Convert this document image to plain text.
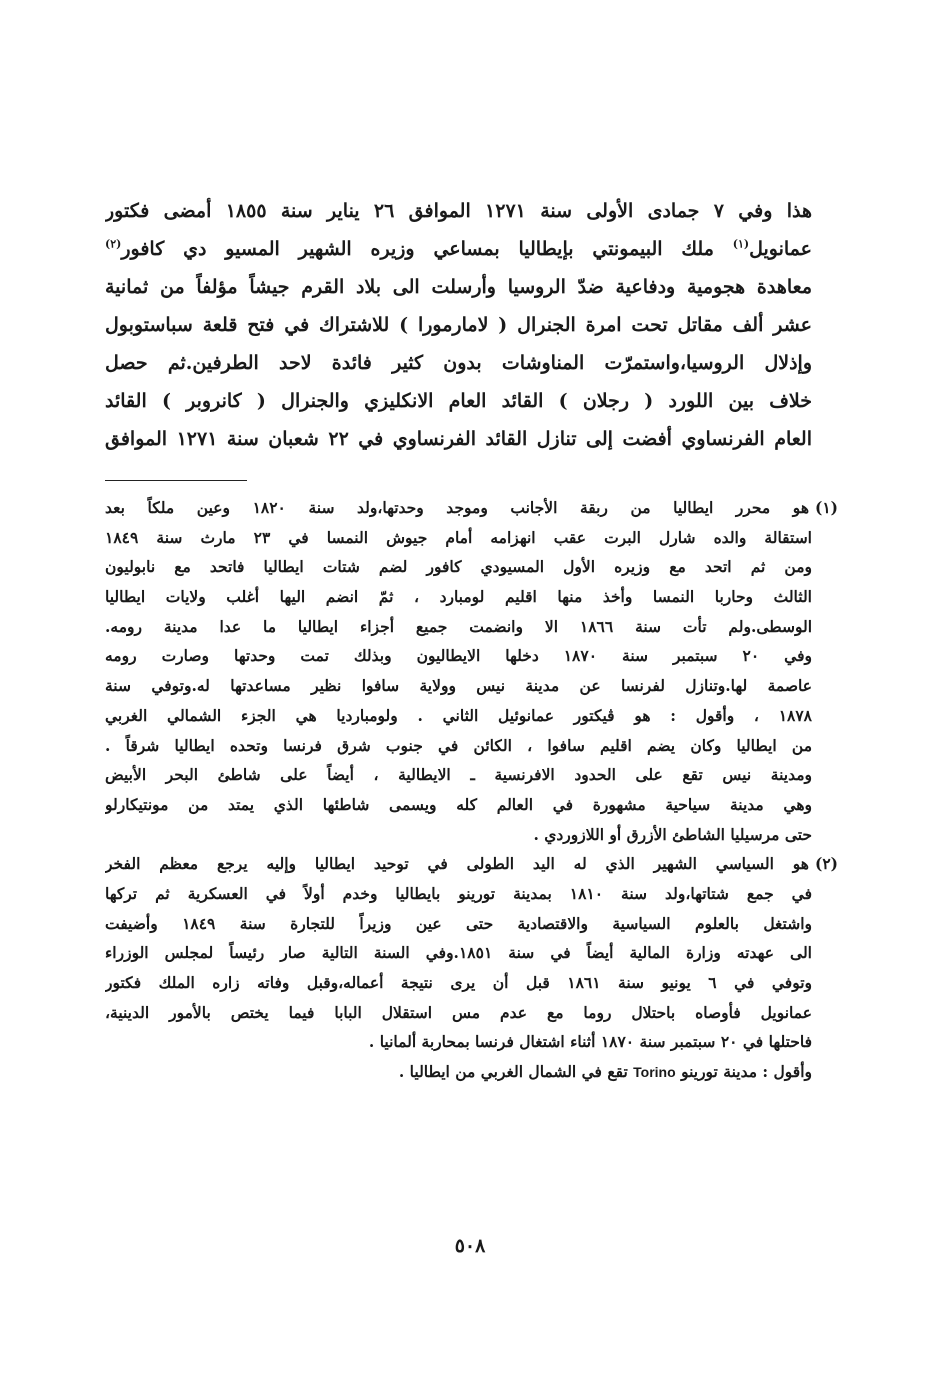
هذا وفي ٧ جمادى الأولى سنة ١٢٧١ الموافق ٢٦ يناير سنة ١٨٥٥ أمضى فكتور
عمانويل$^{(١)}$ ملك البيمونتي بإيطاليا بمساعي وزيره الشهير المسيو دي كافور$^{(٢)}$
معاهدة هجومية ودفاعية ضدّ الروسيا وأرسلت الى بلاد القرم جيشاً مؤلفاً من ثمانية
عشر ألف مقاتل تحت امرة الجنرال ( لامارمورا ) للاشتراك في فتح قلعة سباستوبول
وإذلال الروسيا،واستمرّت المناوشات بدون كثير فائدة لاحد الطرفين.ثم حصل
خلاف بين اللورد ( رجلان ) القائد العام الانكليزي والجنرال ( كانروبر ) القائد
العام الفرنساوي أفضت إلى تنازل القائد الفرنساوي في ٢٢ شعبان سنة ١٢٧١ الموافق
(١)هو محرر ايطاليا من ربقة الأجانب وموجد وحدتها،ولد سنة ١٨٢٠ وعين ملكاً بعد
استقالة والده شارل البرت عقب انهزامه أمام جيوش النمسا في ٢٣ مارث سنة ١٨٤٩
ومن ثم اتحد مع وزيره الأول المسيودي كافور لضم شتات ايطاليا فاتحد مع نابوليون
الثالث وحاربا النمسا وأخذ منها اقليم لومبارد ، ثمّ انضم اليها أغلب ولايات ايطاليا
الوسطى.ولم تأت سنة ١٨٦٦ الا وانضمت جميع أجزاء ايطاليا ما عدا مدينة رومه.
وفي ٢٠ سبتمبر سنة ١٨٧٠ دخلها الايطاليون وبذلك تمت وحدتها وصارت رومه
عاصمة لها.وتنازل لفرنسا عن مدينة نيس وولاية سافوا نظير مساعدتها له.وتوفي سنة
١٨٧٨ ، وأقول : هو ڤيكتور عمانوئيل الثاني . ولومبارديا هي الجزء الشمالي الغربي
من ايطاليا وكان يضم اقليم سافوا ، الكائن في جنوب شرق فرنسا وتحده ايطاليا شرقاً .
ومدينة نيس تقع على الحدود الافرنسية ـ الايطالية ، أيضاً على شاطئ البحر الأبيض
وهي مدينة سياحية مشهورة في العالم كله ويسمى شاطئها الذي يمتد من مونتيكارلو
حتى مرسيليا الشاطئ الأزرق أو اللازوردي .
(٢)هو السياسي الشهير الذي له اليد الطولى في توحيد ايطاليا وإليه يرجع معظم الفخر
في جمع شتاتها،ولد سنة ١٨١٠ بمدينة تورينو بايطاليا وخدم أولاً في العسكرية ثم تركها
واشتغل بالعلوم السياسية والاقتصادية حتى عين وزيراً للتجارة سنة ١٨٤٩ وأضيفت
الى عهدته وزارة المالية أيضاً في سنة ١٨٥١.وفي السنة التالية صار رئيساً لمجلس الوزراء
وتوفي في ٦ يونيو سنة ١٨٦١ قبل أن يرى نتيجة أعماله،وقبل وفاته زاره الملك فكتور
عمانويل فأوصاه باحتلال روما مع عدم مس استقلال البابا فيما يختص بالأمور الدينية،
فاحتلها في ٢٠ سبتمبر سنة ١٨٧٠ أثناء اشتغال فرنسا بمحاربة ألمانيا .
وأقول : مدينة تورينو Torino تقع في الشمال الغربي من ايطاليا .
٥٠٨
